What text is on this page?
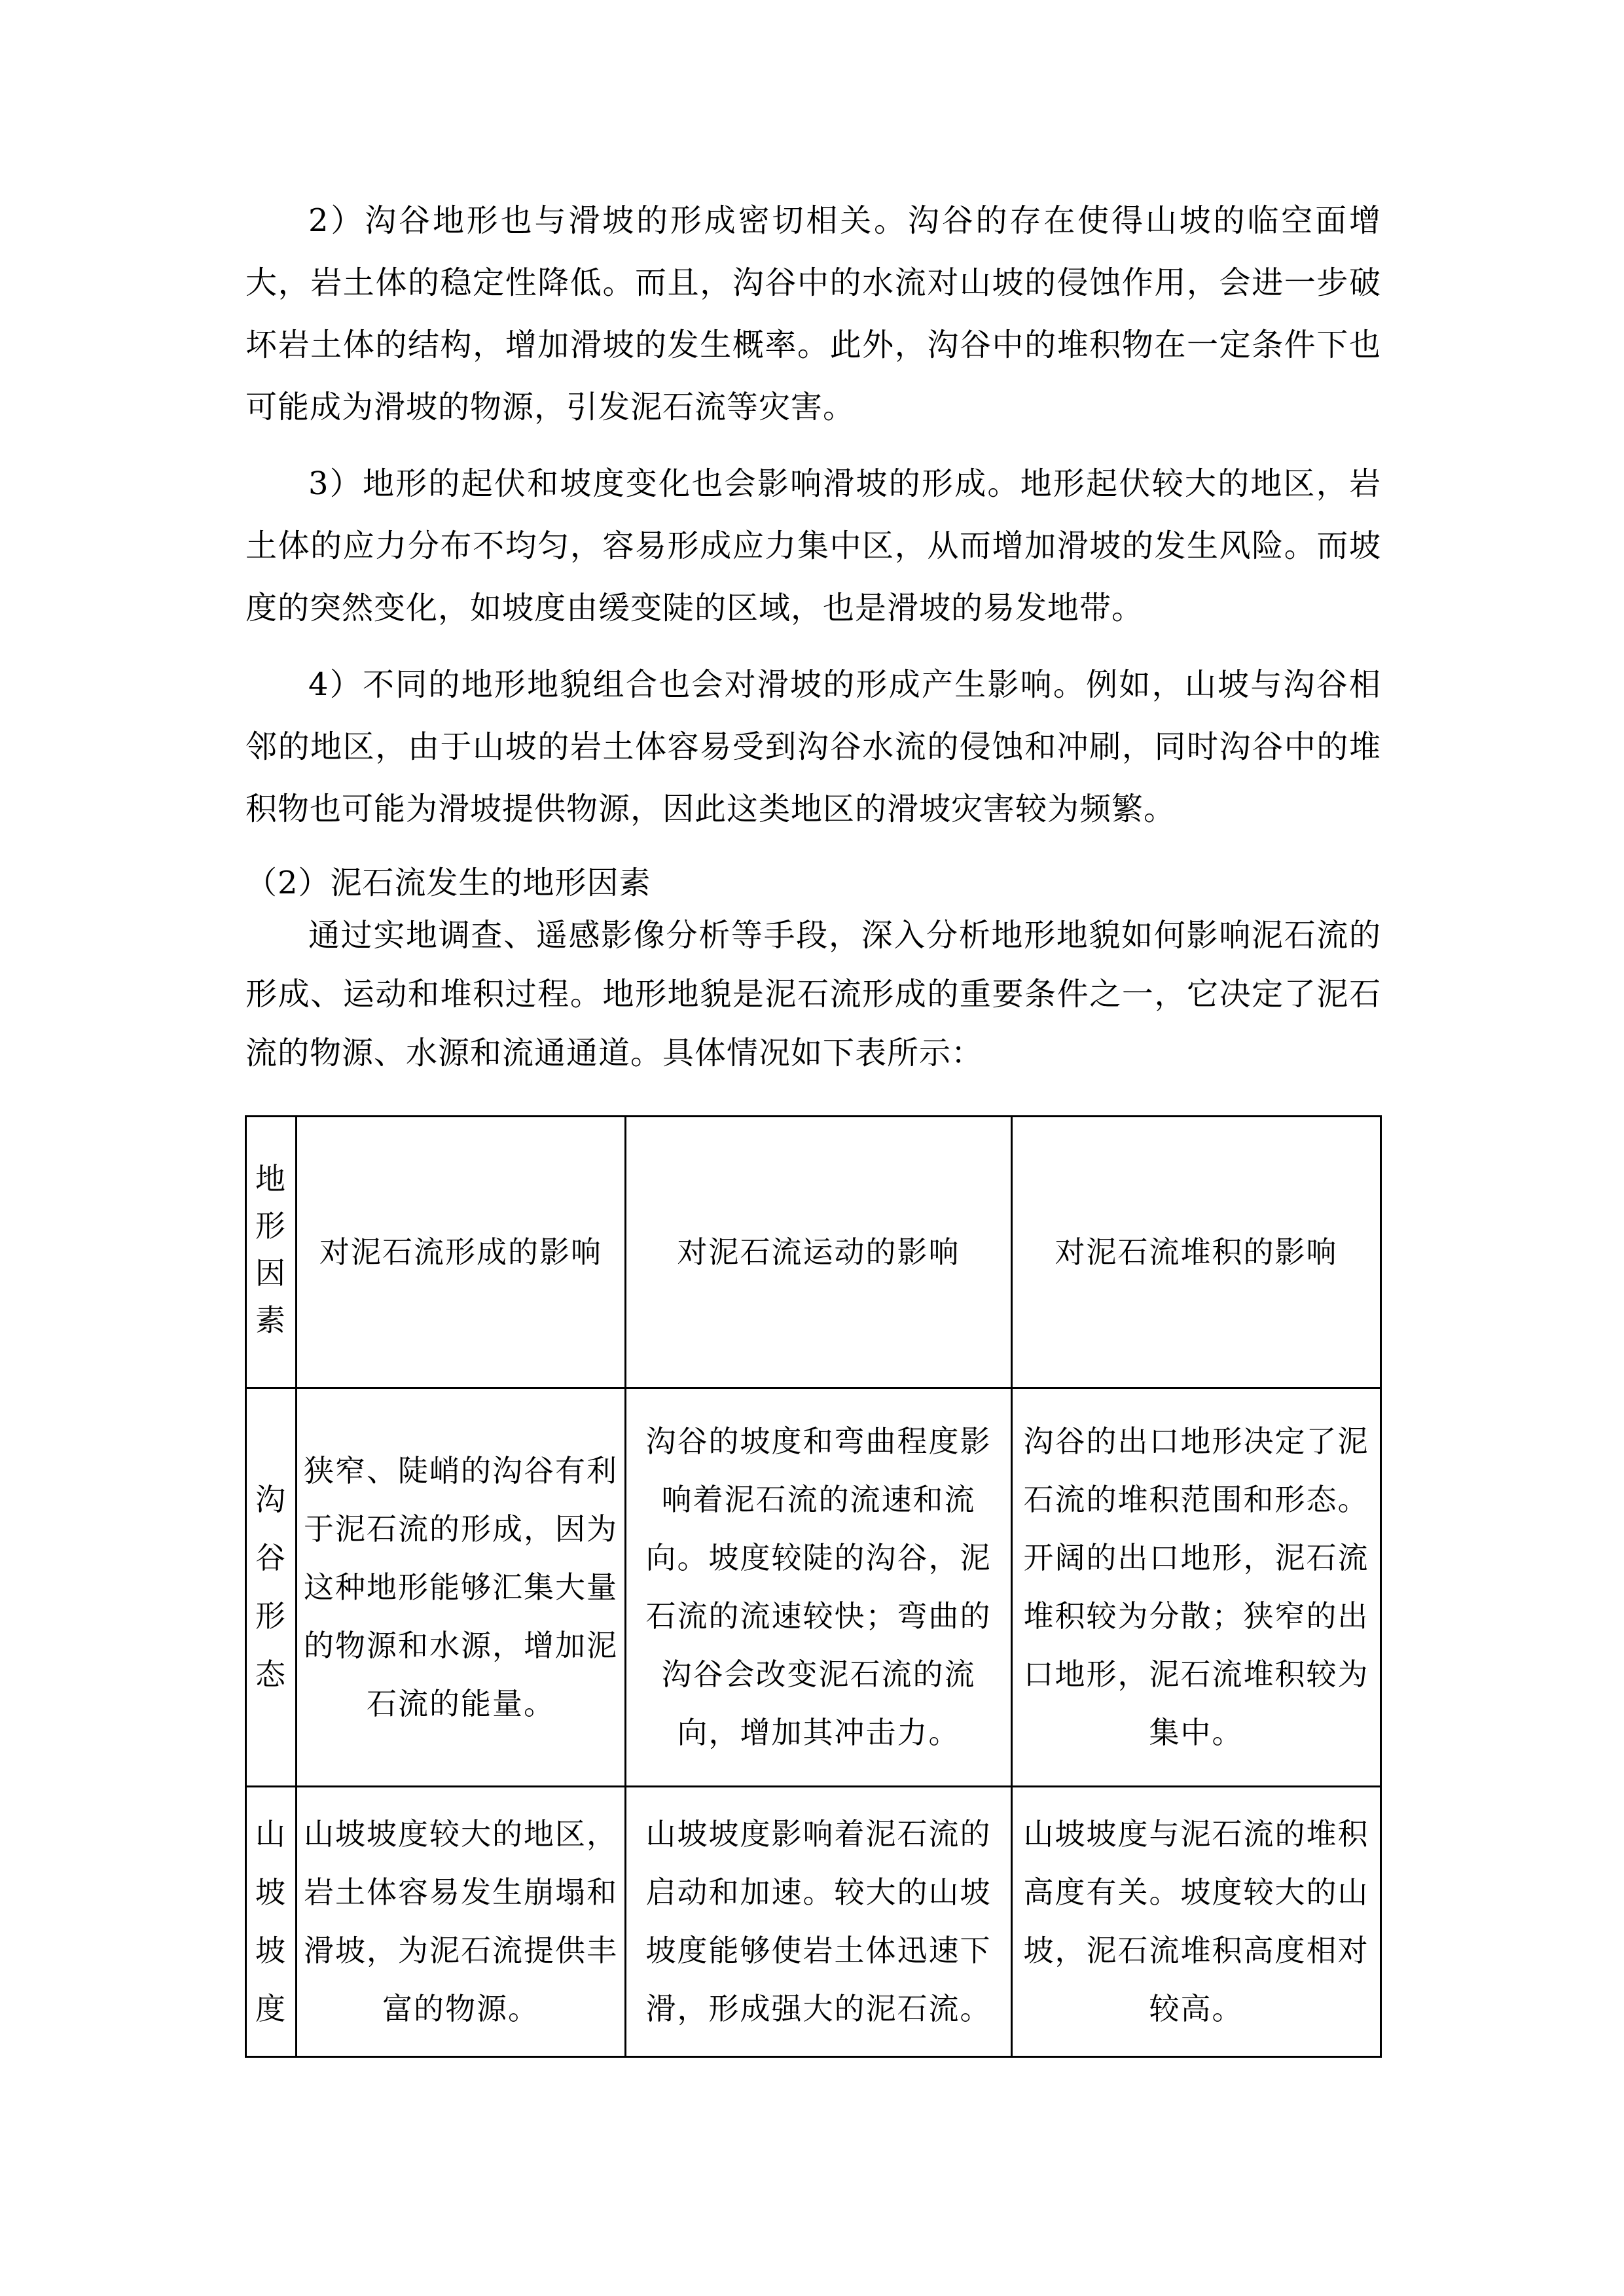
2）沟谷地形也与滑坡的形成密切相关。沟谷的存在使得山坡的临空面增大，岩土体的稳定性降低。而且，沟谷中的水流对山坡的侵蚀作用，会进一步破坏岩土体的结构，增加滑坡的发生概率。此外，沟谷中的堆积物在一定条件下也可能成为滑坡的物源，引发泥石流等灾害。

3）地形的起伏和坡度变化也会影响滑坡的形成。地形起伏较大的地区，岩土体的应力分布不均匀，容易形成应力集中区，从而增加滑坡的发生风险。而坡度的突然变化，如坡度由缓变陡的区域，也是滑坡的易发地带。

4）不同的地形地貌组合也会对滑坡的形成产生影响。例如，山坡与沟谷相邻的地区，由于山坡的岩土体容易受到沟谷水流的侵蚀和冲刷，同时沟谷中的堆积物也可能为滑坡提供物源，因此这类地区的滑坡灾害较为频繁。

（2）泥石流发生的地形因素

通过实地调查、遥感影像分析等手段，深入分析地形地貌如何影响泥石流的形成、运动和堆积过程。地形地貌是泥石流形成的重要条件之一，它决定了泥石流的物源、水源和流通通道。具体情况如下表所示：

地形因素	对泥石流形成的影响	对泥石流运动的影响	对泥石流堆积的影响
沟谷形态	狭窄、陡峭的沟谷有利于泥石流的形成，因为这种地形能够汇集大量的物源和水源，增加泥石流的能量。	沟谷的坡度和弯曲程度影响着泥石流的流速和流向。坡度较陡的沟谷，泥石流的流速较快；弯曲的沟谷会改变泥石流的流向，增加其冲击力。	沟谷的出口地形决定了泥石流的堆积范围和形态。开阔的出口地形，泥石流堆积较为分散；狭窄的出口地形，泥石流堆积较为集中。
山坡坡度	山坡坡度较大的地区，岩土体容易发生崩塌和滑坡，为泥石流提供丰富的物源。	山坡坡度影响着泥石流的启动和加速。较大的山坡坡度能够使岩土体迅速下滑，形成强大的泥石流。	山坡坡度与泥石流的堆积高度有关。坡度较大的山坡，泥石流堆积高度相对较高。
